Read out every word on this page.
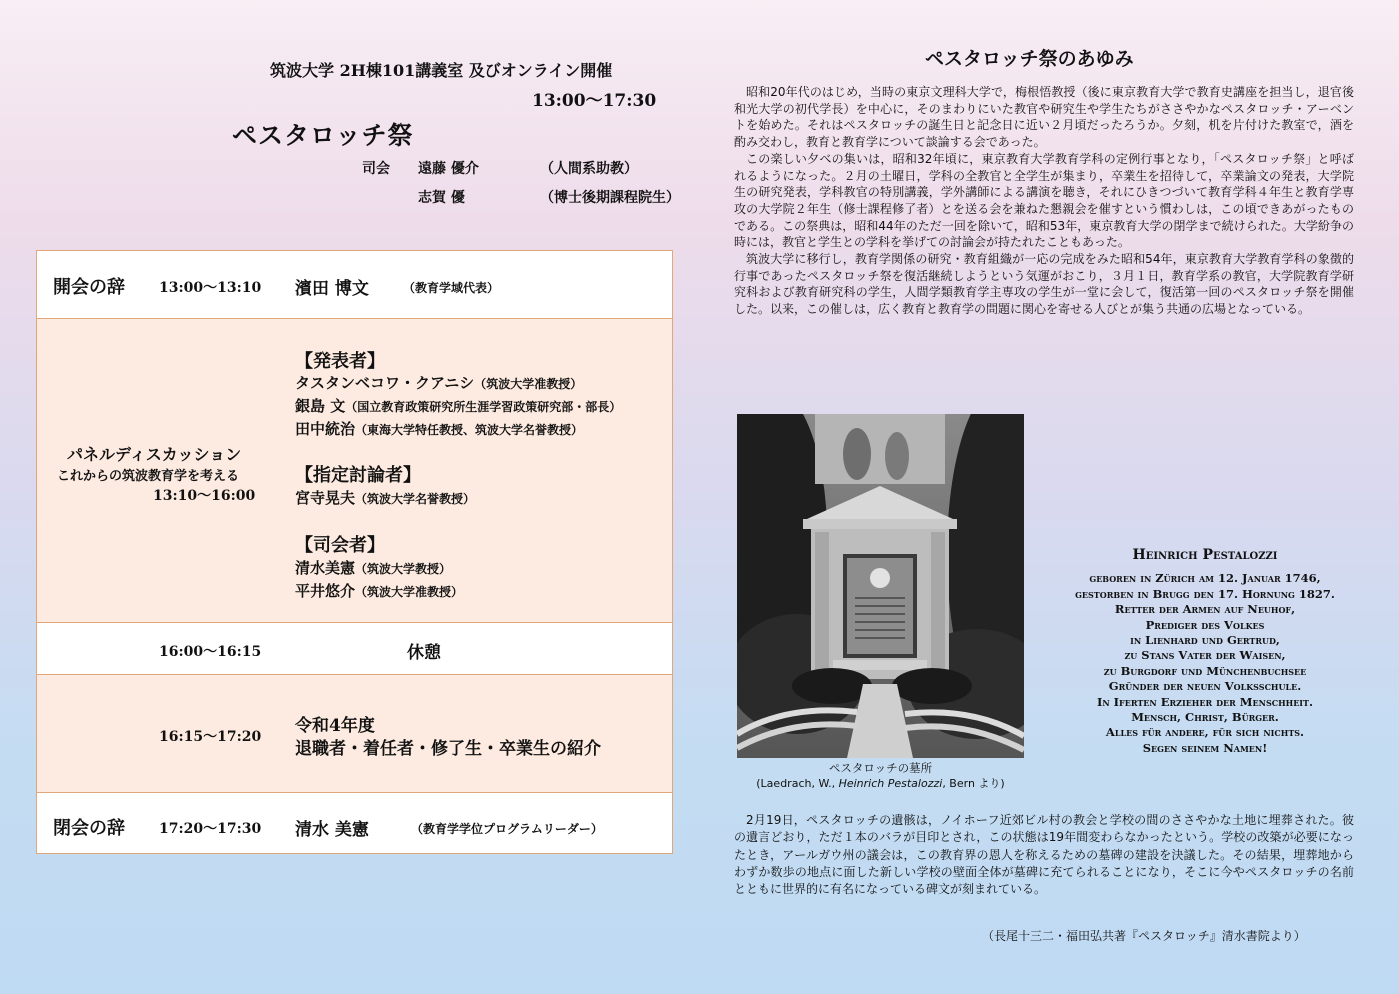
筑波大学 2H棟101講義室 及びオンライン開催
13:00〜17:30
ペスタロッチ祭
司会 遠藤 優介	（人間系助教）
志賀 優	（博士後期課程院生）
開会の辞 13:00〜13:10 濱田 博文	（教育学域代表）
パネルディスカッション
これからの筑波教育学を考える
13:10〜16:00
【発表者】
タスタンベコワ・クアニシ（筑波大学准教授）
銀島 文（国立教育政策研究所生涯学習政策研究部・部長）
田中統治（東海大学特任教授、筑波大学名誉教授）
【指定討論者】
宮寺晃夫（筑波大学名誉教授）
【司会者】
清水美憲（筑波大学教授）
平井悠介（筑波大学准教授）
16:00〜16:15	休憩
16:15〜17:20
令和4年度
退職者・着任者・修了生・卒業生の紹介
閉会の辞 17:20〜17:30 清水 美憲	（教育学学位プログラムリーダー）
ペスタロッチ祭のあゆみ

昭和20年代のはじめ，当時の東京文理科大学で，梅根悟教授（後に東京教育大学で教育史講座を担当し，退官後和光大学の初代学長）を中心に，そのまわりにいた教官や研究生や学生たちがささやかなペスタロッチ・アーベントを始めた。それはペスタロッチの誕生日と記念日に近い２月頃だったろうか。夕刻，机を片付けた教室で，酒を酌み交わし，教育と教育学について談論する会であった。

この楽しい夕べの集いは，昭和32年頃に，東京教育大学教育学科の定例行事となり，「ペスタロッチ祭」と呼ばれるようになった。２月の土曜日，学科の全教官と全学生が集まり，卒業生を招待して，卒業論文の発表，大学院生の研究発表，学科教官の特別講義，学外講師による講演を聴き，それにひきつづいて教育学科４年生と教育学専攻の大学院２年生（修士課程修了者）とを送る会を兼ねた懇親会を催すという慣わしは，この頃できあがったものである。この祭典は，昭和44年のただ一回を除いて，昭和53年，東京教育大学の閉学まで続けられた。大学紛争の時には，教官と学生との学科を挙げての討論会が持たれたこともあった。

筑波大学に移行し，教育学関係の研究・教育組織が一応の完成をみた昭和54年，東京教育大学教育学科の象徴的行事であったペスタロッチ祭を復活継続しようという気運がおこり，３月１日，教育学系の教官，大学院教育学研究科および教育研究科の学生，人間学類教育学主専攻の学生が一堂に会して，復活第一回のペスタロッチ祭を開催した。以来，この催しは，広く教育と教育学の問題に関心を寄せる人びとが集う共通の広場となっている。

ペスタロッチの墓所
(Laedrach, W., Heinrich Pestalozzi, Bern より)
Heinrich Pestalozzi
geboren in Zürich am 12. Januar 1746,
gestorben in Brugg den 17. Hornung 1827.
Retter der Armen auf Neuhof,
Prediger des Volkes
in Lienhard und Gertrud,
zu Stans Vater der Waisen,
zu Burgdorf und Münchenbuchsee
Gründer der neuen Volksschule.
In Iferten Erzieher der Menschheit.
Mensch, Christ, Bürger.
Alles für andere, für sich nichts.
Segen seinem Namen!

2月19日，ペスタロッチの遺骸は，ノイホーフ近郊ビル村の教会と学校の間のささやかな土地に埋葬された。彼の遺言どおり，ただ１本のバラが目印とされ，この状態は19年間変わらなかったという。学校の改築が必要になったとき，アールガウ州の議会は，この教育界の恩人を称えるための墓碑の建設を決議した。その結果，埋葬地からわずか数歩の地点に面した新しい学校の壁面全体が墓碑に充てられることになり，そこに今やペスタロッチの名前とともに世界的に有名になっている碑文が刻まれている。

（長尾十三二・福田弘共著『ペスタロッチ』清水書院より）
